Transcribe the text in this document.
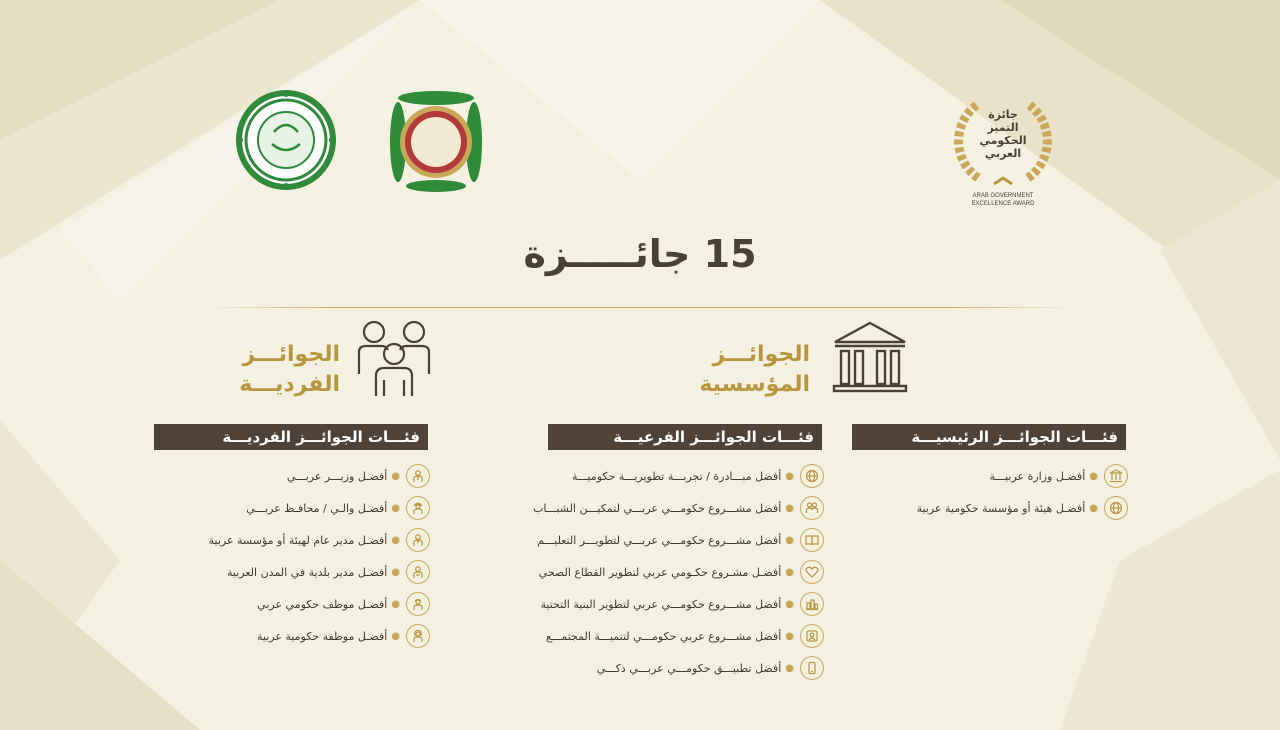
جائزة
التميز
الحكومي
العربي
ARAB GOVERNMENT
EXCELLENCE AWARD
15 جائـــــزة
الجوائـــز
المؤسسية
الجوائـــز
الفرديـــة
فئـــات الجوائـــز الرئيسيـــة
فئـــات الجوائـــز الفرعيـــة
فئـــات الجوائـــز الفرديـــة
●
أفضـل وزارة عربيـــة
●
أفضـل هيئة أو مؤسسة حكومية عربية
●
أفضل مبـــادرة / تجربـــة تطويريـــة حكوميـــة
●
أفضل مشـــروع حكومـــي عربـــي لتمكيـــن الشبـــاب
●
أفضل مشـــروع حكومـــي عربـــي لتطويـــر التعليـــم
●
أفضـل مشـروع حكـومي عربي لتطوير القطاع الصحي
●
أفضل مشـــروع حكومـــي عربي لتطوير البنية التحتية
●
أفضل مشـــروع عربي حكومـــي لتنميـــة المجتمـــع
●
أفضل تطبيـــق حكومـــي عربـــي ذكـــي
●
أفضـل وزيـــر عربـــي
●
أفضـل والـي / محافـظ عربـــي
●
أفضـل مدير عام لهيئة أو مؤسسة عربية
●
أفضـل مدير بلدية في المدن العربية
●
أفضـل موظف حكومي عربي
●
أفضـل موظفة حكومية عربية
